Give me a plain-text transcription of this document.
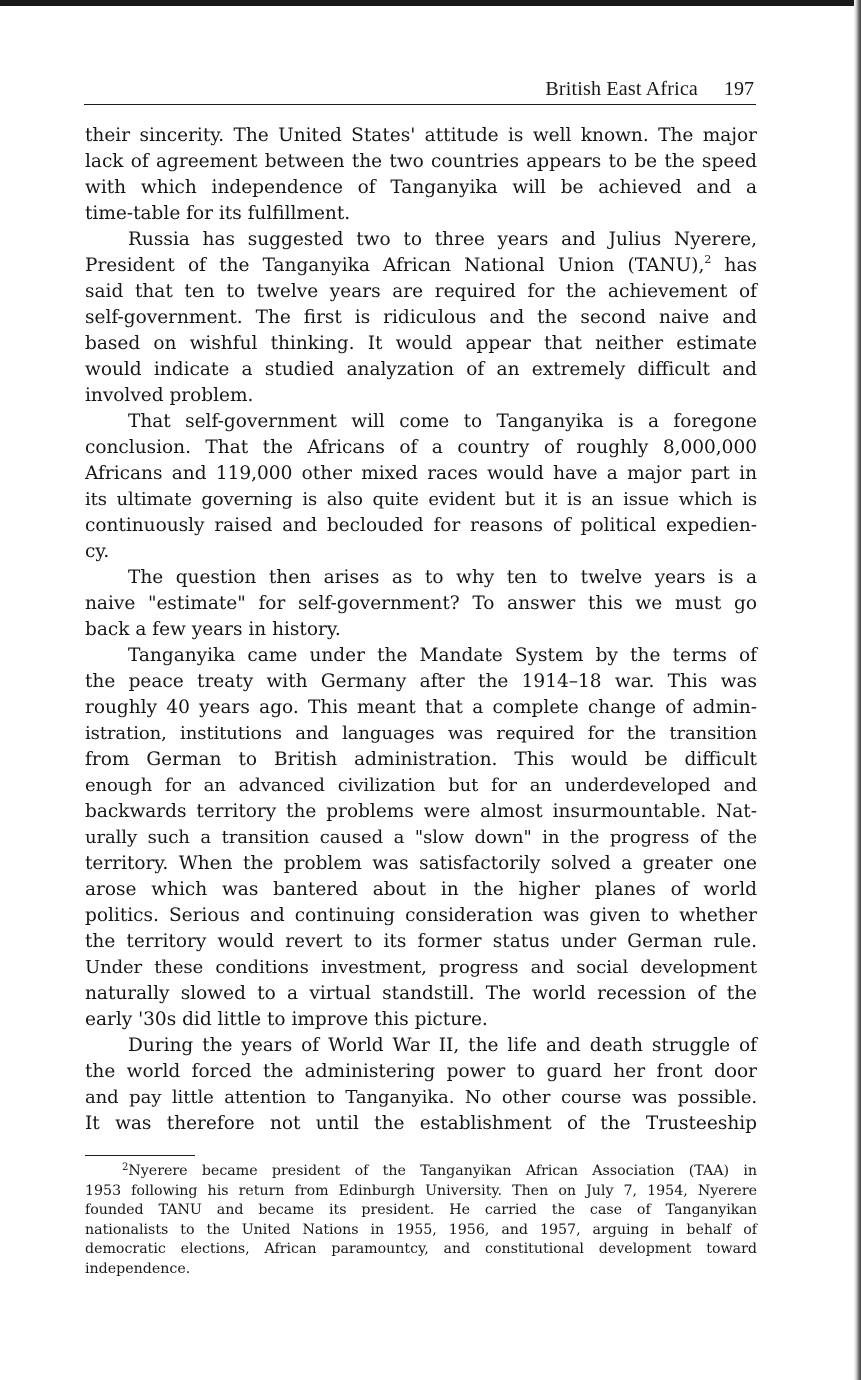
British East Africa 197
their sincerity. The United States' attitude is well known. The major
lack of agreement between the two countries appears to be the speed
with which independence of Tanganyika will be achieved and a
time-table for its fulfillment.
Russia has suggested two to three years and Julius Nyerere,
President of the Tanganyika African National Union (TANU),$^2$ has
said that ten to twelve years are required for the achievement of
self-government. The first is ridiculous and the second naive and
based on wishful thinking. It would appear that neither estimate
would indicate a studied analyzation of an extremely difficult and
involved problem.
That self-government will come to Tanganyika is a foregone
conclusion. That the Africans of a country of roughly 8,000,000
Africans and 119,000 other mixed races would have a major part in
its ultimate governing is also quite evident but it is an issue which is
continuously raised and beclouded for reasons of political expedien-
cy.
The question then arises as to why ten to twelve years is a
naive "estimate" for self-government? To answer this we must go
back a few years in history.
Tanganyika came under the Mandate System by the terms of
the peace treaty with Germany after the 1914–18 war. This was
roughly 40 years ago. This meant that a complete change of admin-
istration, institutions and languages was required for the transition
from German to British administration. This would be difficult
enough for an advanced civilization but for an underdeveloped and
backwards territory the problems were almost insurmountable. Nat-
urally such a transition caused a "slow down" in the progress of the
territory. When the problem was satisfactorily solved a greater one
arose which was bantered about in the higher planes of world
politics. Serious and continuing consideration was given to whether
the territory would revert to its former status under German rule.
Under these conditions investment, progress and social development
naturally slowed to a virtual standstill. The world recession of the
early '30s did little to improve this picture.
During the years of World War II, the life and death struggle of
the world forced the administering power to guard her front door
and pay little attention to Tanganyika. No other course was possible.
It was therefore not until the establishment of the Trusteeship
$^2$Nyerere became president of the Tanganyikan African Association (TAA) in
1953 following his return from Edinburgh University. Then on July 7, 1954, Nyerere
founded TANU and became its president. He carried the case of Tanganyikan
nationalists to the United Nations in 1955, 1956, and 1957, arguing in behalf of
democratic elections, African paramountcy, and constitutional development toward
independence.
